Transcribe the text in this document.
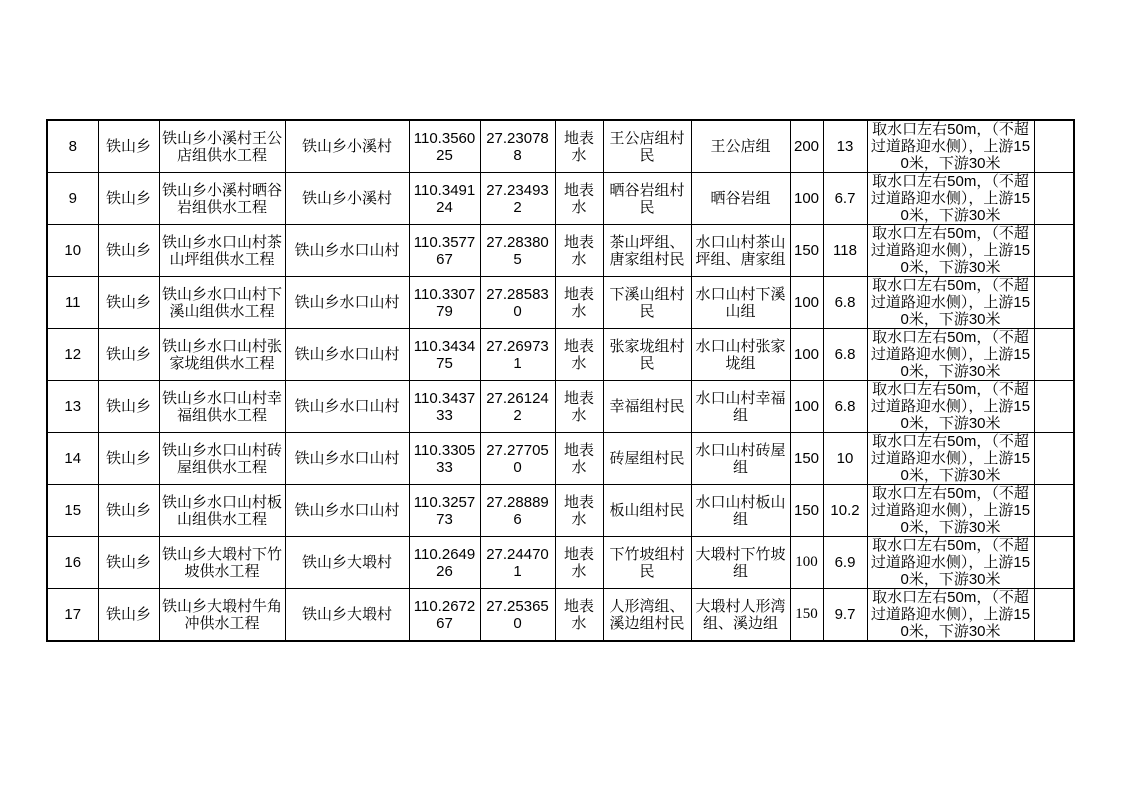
8	铁山乡	铁山乡小溪村王公店组供水工程	铁山乡小溪村	110.356025	27.230788	地表水	王公店组村民	王公店组	200	13	取水口左右50m，（不超过道路迎水侧），上游150米，下游30米	
9	铁山乡	铁山乡小溪村晒谷岩组供水工程	铁山乡小溪村	110.349124	27.234932	地表水	晒谷岩组村民	晒谷岩组	100	6.7	取水口左右50m，（不超过道路迎水侧），上游150米，下游30米	
10	铁山乡	铁山乡水口山村茶山坪组供水工程	铁山乡水口山村	110.357767	27.283805	地表水	茶山坪组、唐家组村民	水口山村茶山坪组、唐家组	150	118	取水口左右50m，（不超过道路迎水侧），上游150米，下游30米	
11	铁山乡	铁山乡水口山村下溪山组供水工程	铁山乡水口山村	110.330779	27.285830	地表水	下溪山组村民	水口山村下溪山组	100	6.8	取水口左右50m，（不超过道路迎水侧），上游150米，下游30米	
12	铁山乡	铁山乡水口山村张家垅组供水工程	铁山乡水口山村	110.343475	27.269731	地表水	张家垅组村民	水口山村张家垅组	100	6.8	取水口左右50m，（不超过道路迎水侧），上游150米，下游30米	
13	铁山乡	铁山乡水口山村幸福组供水工程	铁山乡水口山村	110.343733	27.261242	地表水	幸福组村民	水口山村幸福组	100	6.8	取水口左右50m，（不超过道路迎水侧），上游150米，下游30米	
14	铁山乡	铁山乡水口山村砖屋组供水工程	铁山乡水口山村	110.330533	27.277050	地表水	砖屋组村民	水口山村砖屋组	150	10	取水口左右50m，（不超过道路迎水侧），上游150米，下游30米	
15	铁山乡	铁山乡水口山村板山组供水工程	铁山乡水口山村	110.325773	27.288896	地表水	板山组村民	水口山村板山组	150	10.2	取水口左右50m，（不超过道路迎水侧），上游150米，下游30米	
16	铁山乡	铁山乡大塅村下竹坡供水工程	铁山乡大塅村	110.264926	27.244701	地表水	下竹坡组村民	大塅村下竹坡组	100	6.9	取水口左右50m，（不超过道路迎水侧），上游150米，下游30米	
17	铁山乡	铁山乡大塅村牛角冲供水工程	铁山乡大塅村	110.267267	27.253650	地表水	人形湾组、溪边组村民	大塅村人形湾组、溪边组	150	9.7	取水口左右50m，（不超过道路迎水侧），上游150米，下游30米	
